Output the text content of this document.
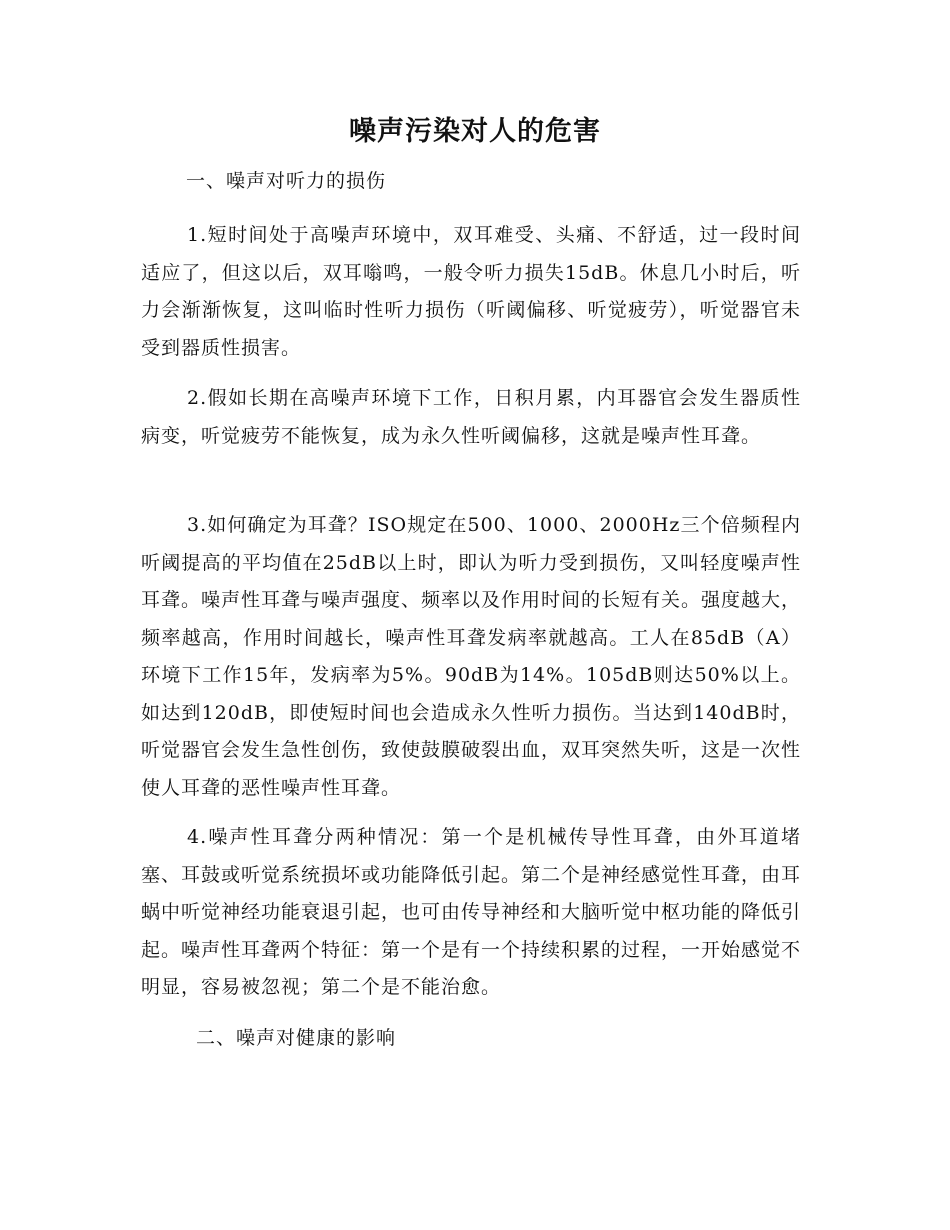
噪声污染对人的危害

一、噪声对听力的损伤

1.短时间处于高噪声环境中，双耳难受、头痛、不舒适，过一段时间适应了，但这以后，双耳嗡鸣，一般令听力损失15dB。休息几小时后，听力会渐渐恢复，这叫临时性听力损伤（听阈偏移、听觉疲劳），听觉器官未受到器质性损害。

2.假如长期在高噪声环境下工作，日积月累，内耳器官会发生器质性病变，听觉疲劳不能恢复，成为永久性听阈偏移，这就是噪声性耳聋。

3.如何确定为耳聋？ISO规定在500、1000、2000Hz三个倍频程内听阈提高的平均值在25dB以上时，即认为听力受到损伤，又叫轻度噪声性耳聋。噪声性耳聋与噪声强度、频率以及作用时间的长短有关。强度越大，频率越高，作用时间越长，噪声性耳聋发病率就越高。工人在85dB（A）环境下工作15年，发病率为5%。90dB为14%。105dB则达50%以上。如达到120dB，即使短时间也会造成永久性听力损伤。当达到140dB时，听觉器官会发生急性创伤，致使鼓膜破裂出血，双耳突然失听，这是一次性使人耳聋的恶性噪声性耳聋。

4.噪声性耳聋分两种情况：第一个是机械传导性耳聋，由外耳道堵塞、耳鼓或听觉系统损坏或功能降低引起。第二个是神经感觉性耳聋，由耳蜗中听觉神经功能衰退引起，也可由传导神经和大脑听觉中枢功能的降低引起。噪声性耳聋两个特征：第一个是有一个持续积累的过程，一开始感觉不明显，容易被忽视；第二个是不能治愈。

二、噪声对健康的影响
